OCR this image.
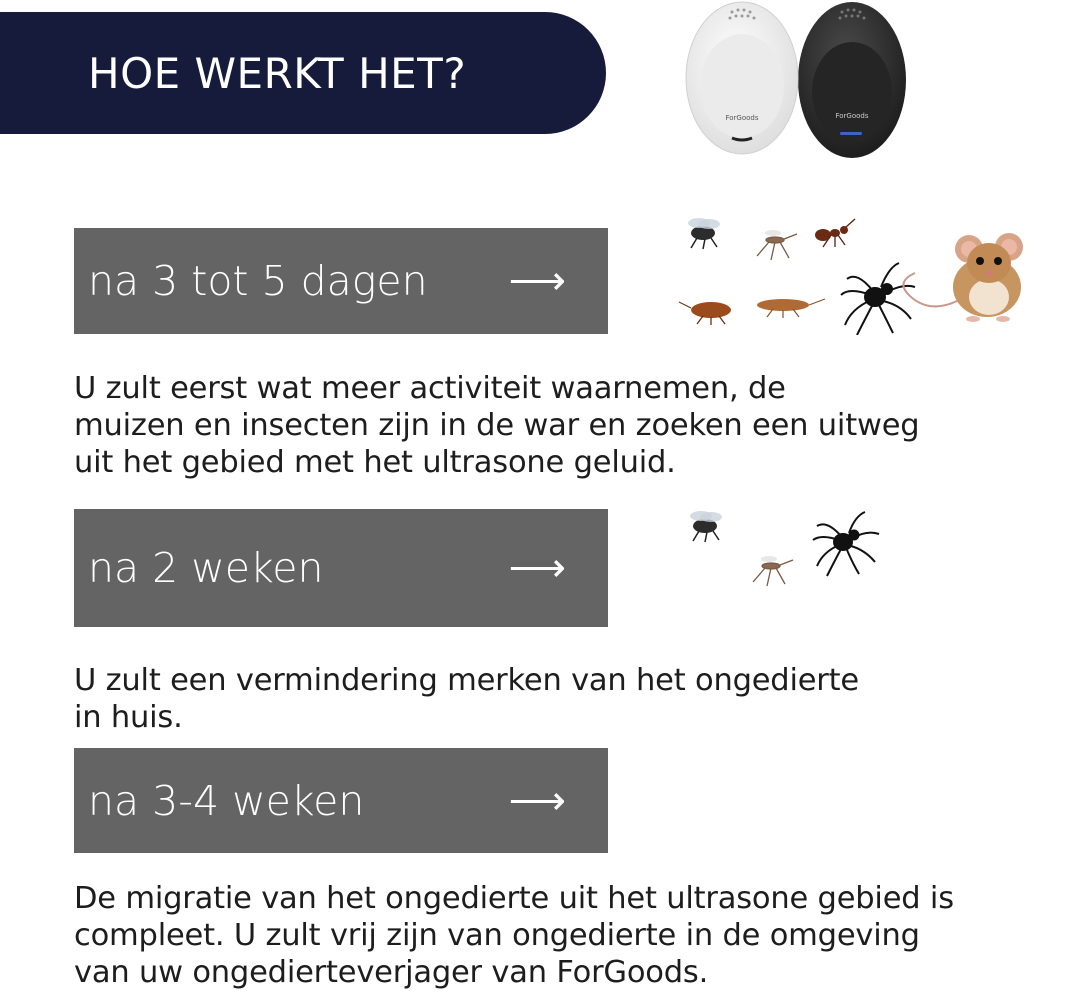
HOE WERKT HET?
ForGoods
ForGoods
na 3 tot 5 dagen ⟶
U zult eerst wat meer activiteit waarnemen, de
muizen en insecten zijn in de war en zoeken een uitweg
uit het gebied met het ultrasone geluid.
na 2 weken	⟶
U zult een vermindering merken van het ongedierte
in huis.
na 3-4 weken	⟶
De migratie van het ongedierte uit het ultrasone gebied is
compleet. U zult vrij zijn van ongedierte in de omgeving
van uw ongedierteverjager van ForGoods.
